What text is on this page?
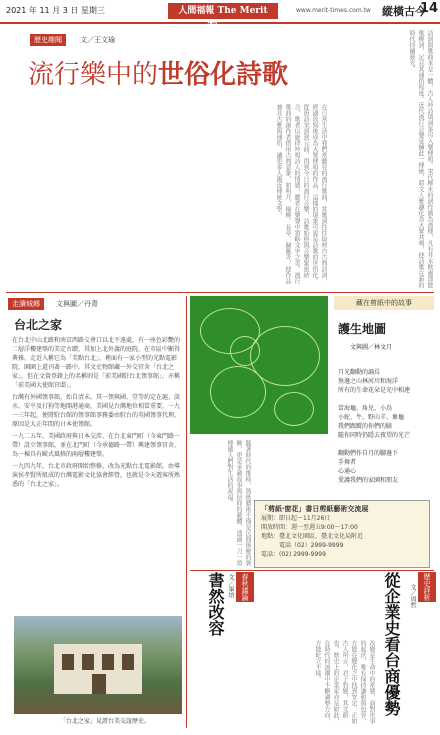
2021 年 11 月 3 日 星期三	人間福報 The Merit Times
www.merit-times.com.tw 縱橫古今
14
歷史趣聞	文／王文瑜
流行樂中的世俗化詩歌
在日常生活中我們常聽見的流行歌曲，其歌詞往往取材自古典詩詞，經過改寫後成為大眾傳唱的作品，這樣的現象可說是詩歌的世俗化。從唐詩宋詞到元曲，再到今日的流行音樂，詩歌始終與音樂緊密結合，歌者以旋律吟唱詩人的情感，聽者在樂聲中領略文字之美。流行歌曲的創作者借用古典意象，如明月、楊柳、長亭、歸雁等，使作品兼具古雅與通俗，讓更多人親近傳統文學。	詩詞與歌曲本是一體，古人吟詩填詞多可入樂傳唱。宋代柳永的詞作廣為流傳，凡有井水飲處即能歌柳詞，足見其通俗程度。近代流行音樂延續此一傳統，將文人雅趣化為大眾共鳴，使詩歌在新的時代持續發光。
走讀城鄉	文與圖／丹青
台北之家

在台北中山北路和南京西路交會口以北不遠處，有一座色彩艷的二層洋樓建築的美定古蹟，其加上北外義的庭院，在市區中顯得典雅。走近入稱它為「美點台北」，裡面有一家小型的光點電影院，園園上還刊著一路中。其文史物館藏一外交官舍「台北之家」，但在文資登錄上的名稱則是「前美國駐台北領事館」，亦稱「前美國大使館官邸」。

台灣有外國領事館，始自清末。其一領與國、堂等約定在滬、淡水、安平及打狗等地開港通商，美國見台灣地位相當重要，一九一三年起，便將駐台館的領事館事務委由駐台的英國領事代理，原因是大正年間的日本使領館。

一九二五年，美國政府與日本交涉，在台北東門町（今東門路一帶）設立領事館，並在北門町（今承德路一帶）興建領事官舍，為一棟具有歐式風格的兩層樓建築。

一九四九年，台北市政府開始整修，改為光點台北電影館，由導演侯孝賢所組成的台灣電影文化協會經營，也就是今天遊客所熟悉的「台北之家」。

「台北之家」見證台美交誼歷史。
藏在剪紙中的故事
護生地圖
文與圖／林文月
月光翻動的誦焉
無邊之山林河川和海洋
所有的生命花朵是光中相連

當海龜、角兒、小鳥
小蛇、牛、野山羊、象龜
我們跟蹤的你們的臉
隨你同時仍隱去夜望的光芒

翻動們作自月的腳邊下
手舞者
心通心
愛護我們的家園和朋友
「剪紙‧窗花」書日剪紙藝術交流展
展期：即日起～11月26日
開放時間：週一至週五9:00～17:00
地點：臺北文化園區，臺北文化局附近
　　　電話（02）2999-9999
電話：(02) 2999-9999
隨著時代的推移，剪紙藝術不僅是民間節慶的裝飾，更是承載故事與信仰的載體，透過一刀一剪傳遞人們對生活的祝福。
春秋議論
文／畢培
書然改容
改變是生命中的常態，面對世事的起伏，唯有保持謙和與包容，方能在變化之中找到安定，正如古人所言，君子豹變，其文蔚也。歷史上的企業家亦是如此，在時代的浪潮中不斷調整方向，方能屹立不搖。
歷史評析
文／周哲
從企業史看台商優勢
